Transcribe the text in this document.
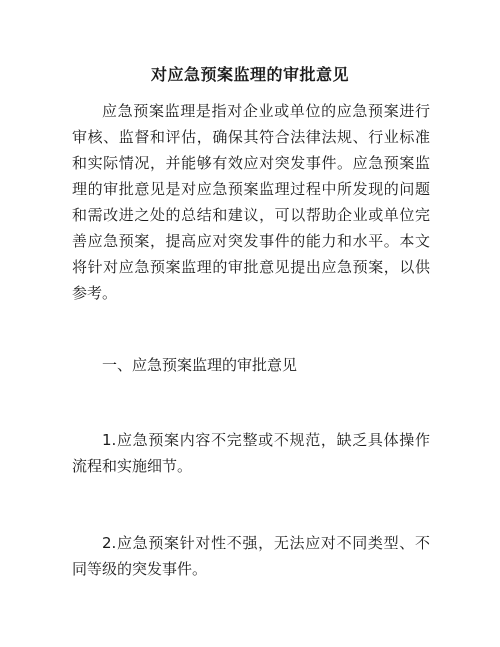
对应急预案监理的审批意见

应急预案监理是指对企业或单位的应急预案进行审核、监督和评估，确保其符合法律法规、行业标准和实际情况，并能够有效应对突发事件。应急预案监理的审批意见是对应急预案监理过程中所发现的问题和需改进之处的总结和建议，可以帮助企业或单位完善应急预案，提高应对突发事件的能力和水平。本文将针对应急预案监理的审批意见提出应急预案，以供参考。

一、应急预案监理的审批意见

1.应急预案内容不完整或不规范，缺乏具体操作流程和实施细节。

2.应急预案针对性不强，无法应对不同类型、不同等级的突发事件。
